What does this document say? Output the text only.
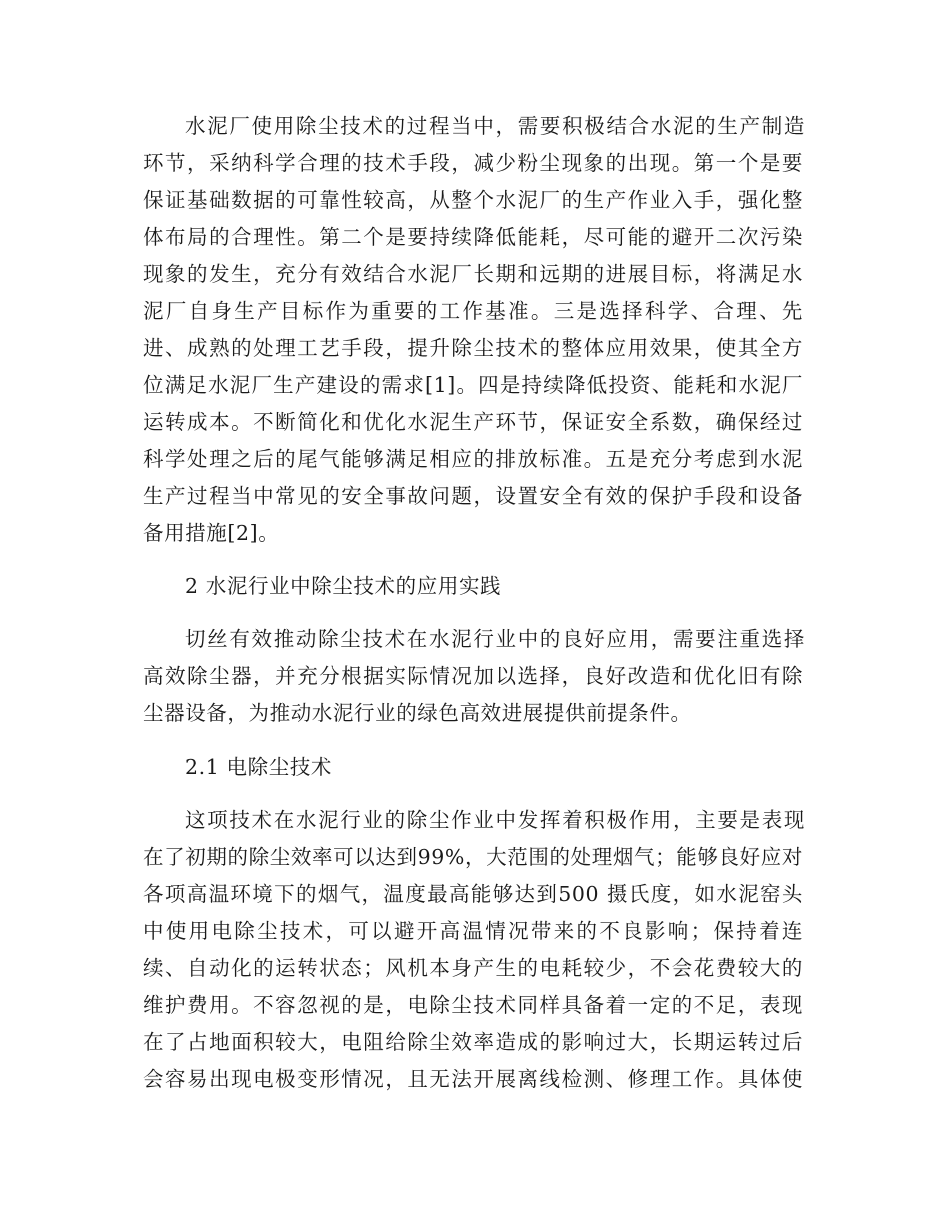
水泥厂使用除尘技术的过程当中，需要积极结合水泥的生产制造
环节，采纳科学合理的技术手段，减少粉尘现象的出现。第一个是要
保证基础数据的可靠性较高，从整个水泥厂的生产作业入手，强化整
体布局的合理性。第二个是要持续降低能耗，尽可能的避开二次污染
现象的发生，充分有效结合水泥厂长期和远期的进展目标，将满足水
泥厂自身生产目标作为重要的工作基准。三是选择科学、合理、先
进、成熟的处理工艺手段，提升除尘技术的整体应用效果，使其全方
位满足水泥厂生产建设的需求[1]。四是持续降低投资、能耗和水泥厂
运转成本。不断简化和优化水泥生产环节，保证安全系数，确保经过
科学处理之后的尾气能够满足相应的排放标准。五是充分考虑到水泥
生产过程当中常见的安全事故问题，设置安全有效的保护手段和设备
备用措施[2]。
2 水泥行业中除尘技术的应用实践
切丝有效推动除尘技术在水泥行业中的良好应用，需要注重选择
高效除尘器，并充分根据实际情况加以选择，良好改造和优化旧有除
尘器设备，为推动水泥行业的绿色高效进展提供前提条件。
2.1 电除尘技术
这项技术在水泥行业的除尘作业中发挥着积极作用，主要是表现
在了初期的除尘效率可以达到99%，大范围的处理烟气；能够良好应对
各项高温环境下的烟气，温度最高能够达到500 摄氏度，如水泥窑头
中使用电除尘技术，可以避开高温情况带来的不良影响；保持着连
续、自动化的运转状态；风机本身产生的电耗较少，不会花费较大的
维护费用。不容忽视的是，电除尘技术同样具备着一定的不足，表现
在了占地面积较大，电阻给除尘效率造成的影响过大，长期运转过后
会容易出现电极变形情况，且无法开展离线检测、修理工作。具体使
